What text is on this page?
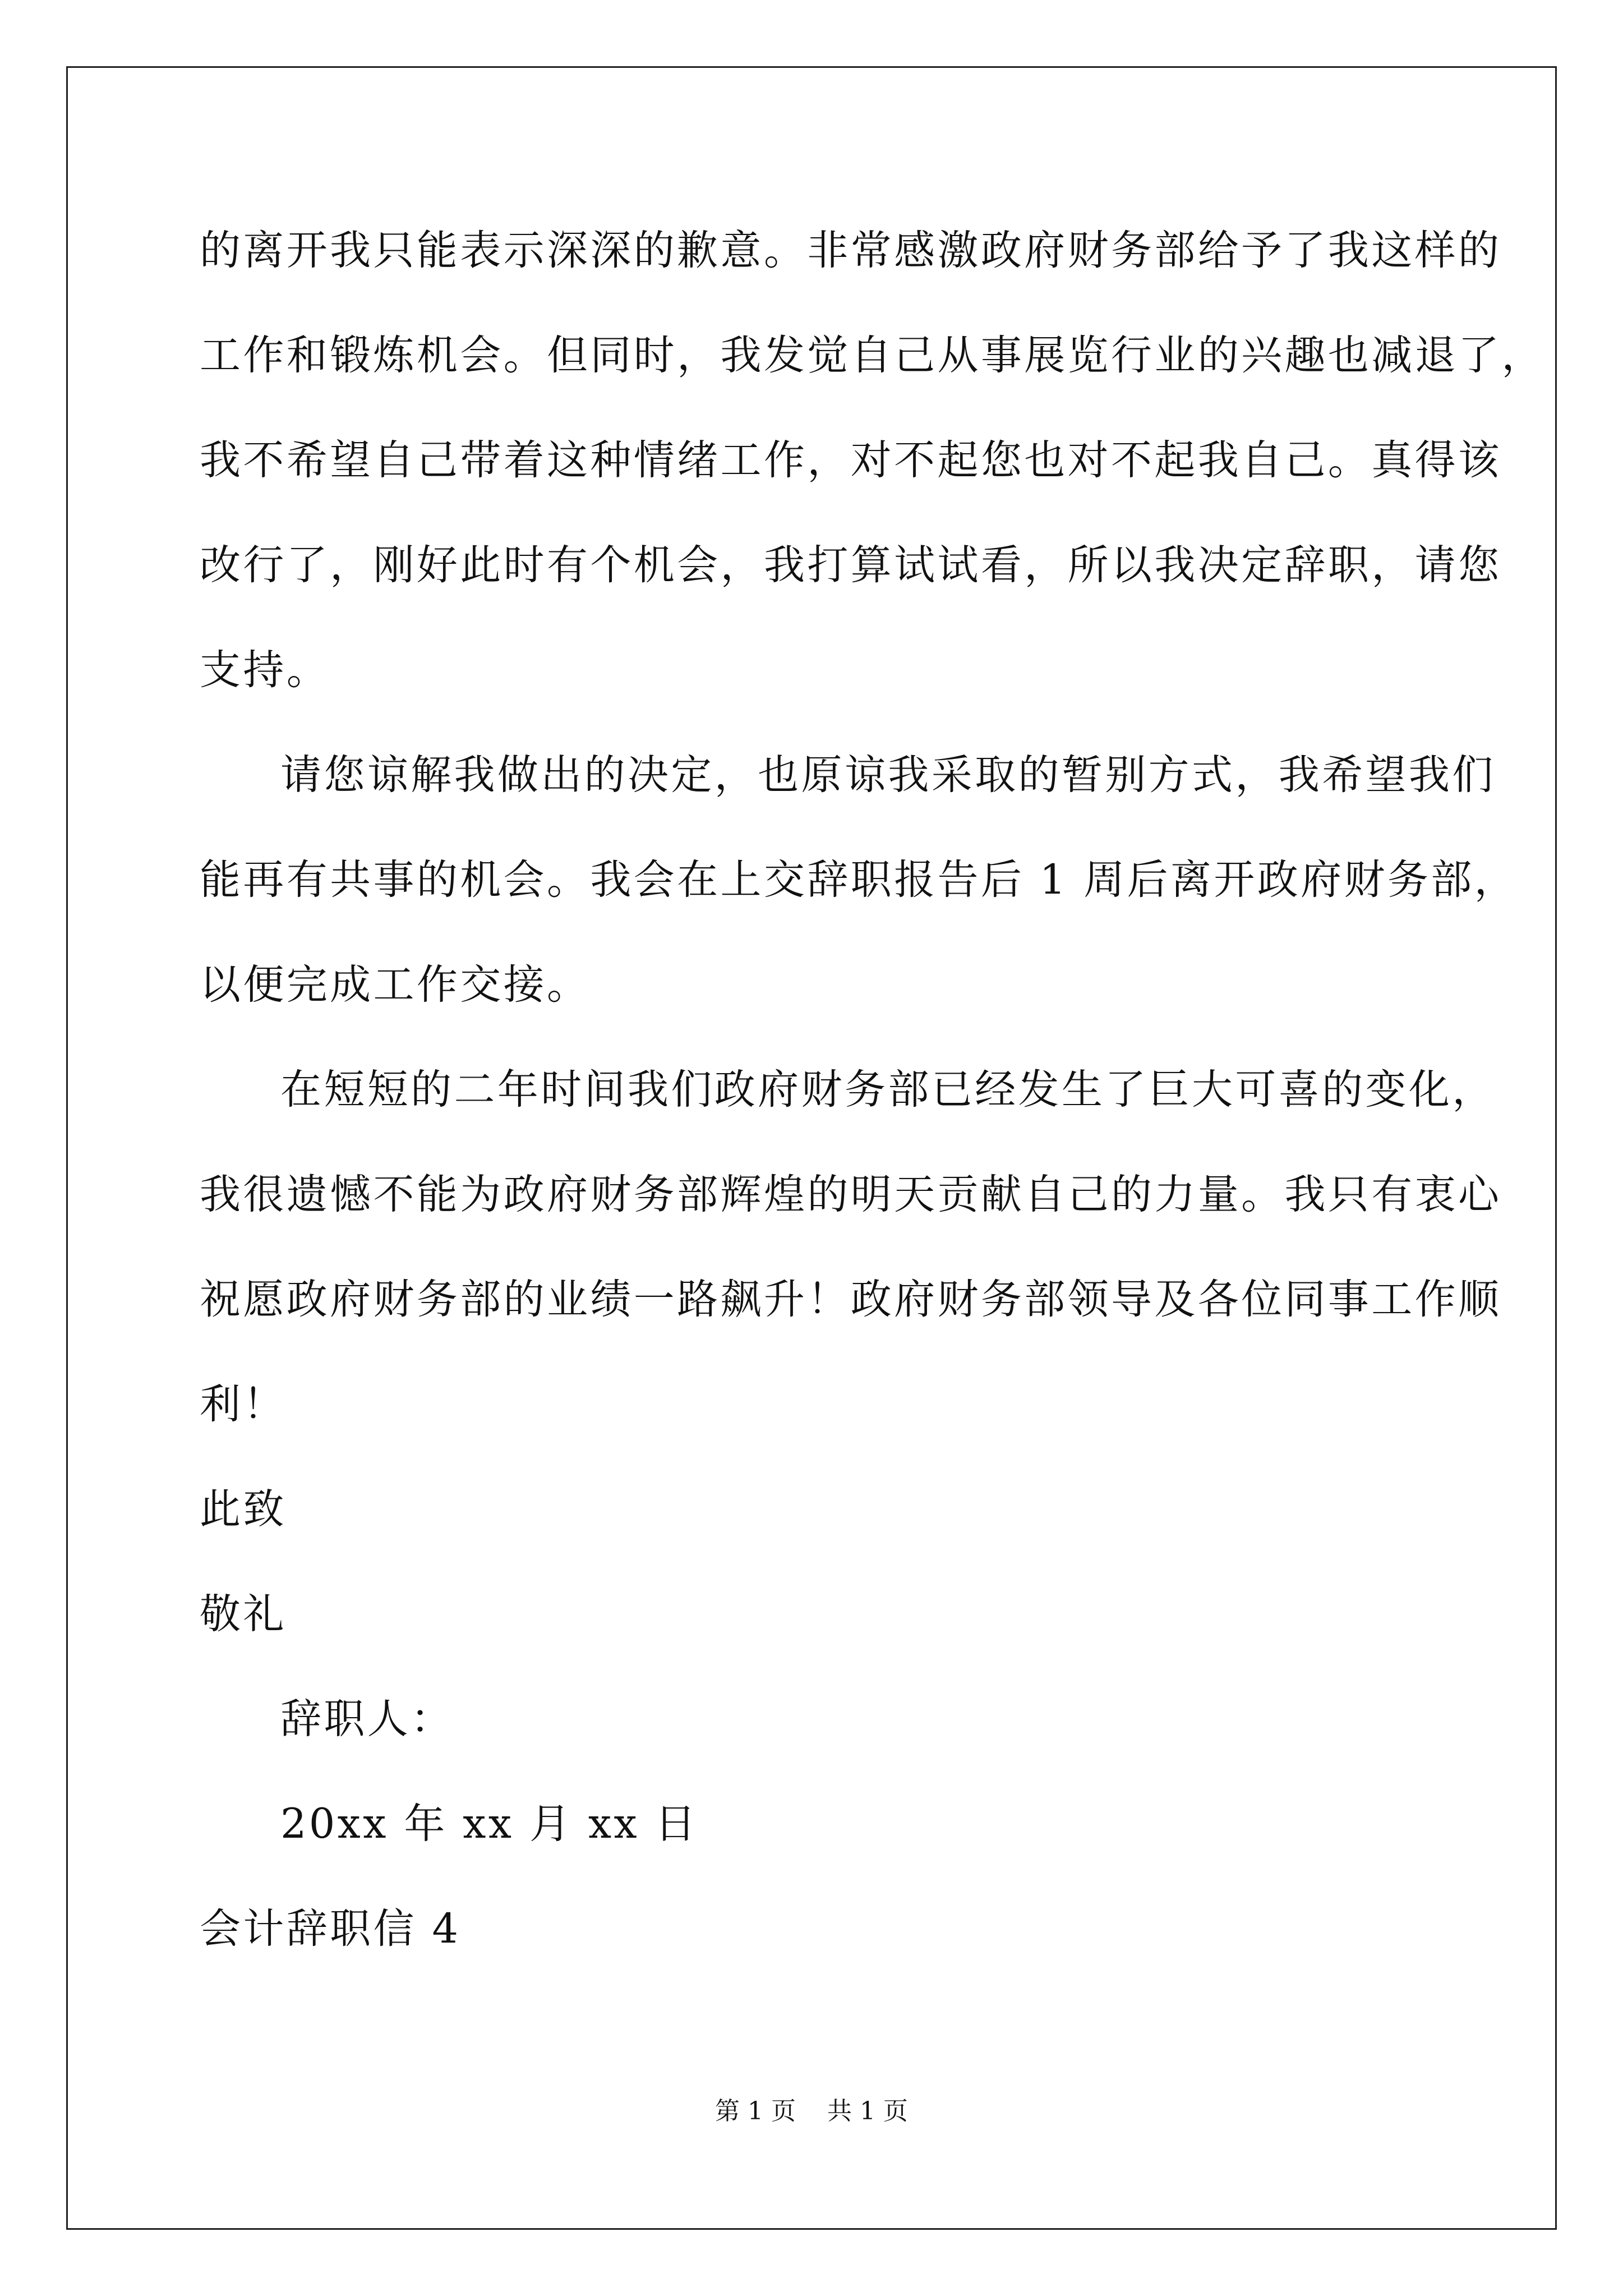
的离开我只能表示深深的歉意。非常感激政府财务部给予了我这样的
工作和锻炼机会。但同时，我发觉自己从事展览行业的兴趣也减退了，
我不希望自己带着这种情绪工作，对不起您也对不起我自己。真得该
改行了，刚好此时有个机会，我打算试试看，所以我决定辞职，请您
支持。
请您谅解我做出的决定，也原谅我采取的暂别方式，我希望我们
能再有共事的机会。我会在上交辞职报告后 1 周后离开政府财务部，
以便完成工作交接。
在短短的二年时间我们政府财务部已经发生了巨大可喜的变化，
我很遗憾不能为政府财务部辉煌的明天贡献自己的力量。我只有衷心
祝愿政府财务部的业绩一路飙升！政府财务部领导及各位同事工作顺
利！
此致
敬礼
辞职人：
20xx 年 xx 月 xx 日
会计辞职信 4
第 1 页    共 1 页
